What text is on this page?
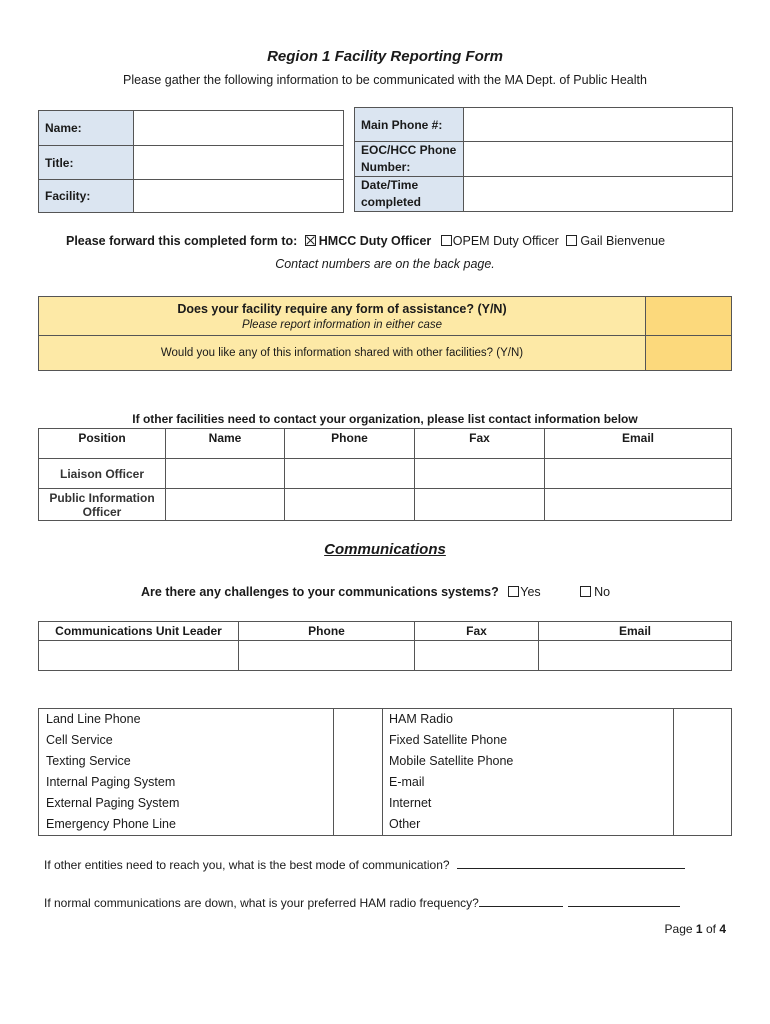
Region 1 Facility Reporting Form
Please gather the following information to be communicated with the MA Dept. of Public Health
Name:	
Title:	
Facility:	
Main Phone #:	

EOC/HCC Phone
Number:	

Date/Time
completed	

Please forward this completed form to: HMCC Duty Officer OPEM Duty Officer Gail Bienvenue
Contact numbers are on the back page.
Does your facility require any form of assistance? (Y/N)
Please report information in either case	

Would you like any of this information shared with other facilities? (Y/N)	
If other facilities need to contact your organization, please list contact information below
Position	Name	Phone	Fax	Email
Liaison Officer				

Public Information
Officer				

Communications
Are there any challenges to your communications systems? Yes	No
Communications Unit Leader	Phone	Fax	Email

Land Line Phone		HAM Radio	
Cell Service		Fixed Satellite Phone	
Texting Service		Mobile Satellite Phone	
Internal Paging System		E-mail	
External Paging System		Internet	
Emergency Phone Line		Other	
If other entities need to reach you, what is the best mode of communication?
If normal communications are down, what is your preferred HAM radio frequency?
Page 1 of 4
